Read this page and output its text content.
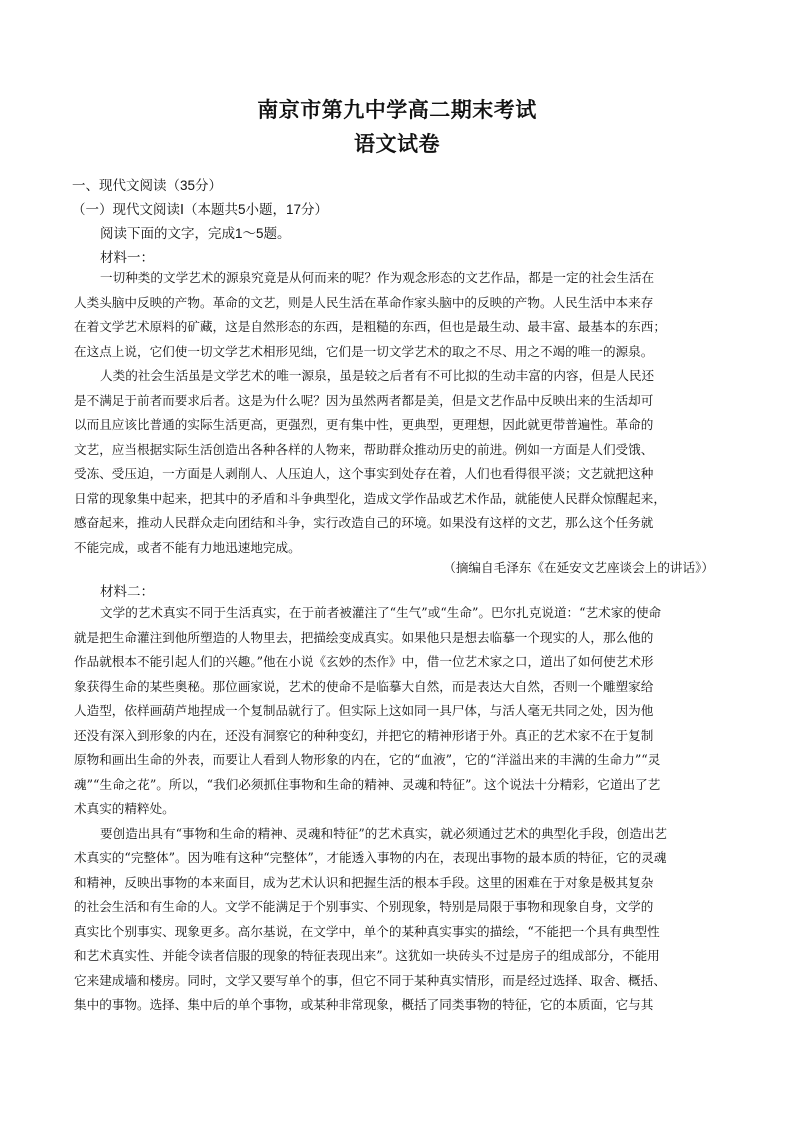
南京市第九中学高二期末考试
语文试卷
一、现代文阅读（35分）
（一）现代文阅读Ⅰ（本题共5小题，17分）
阅读下面的文字，完成1～5题。
材料一：
一切种类的文学艺术的源泉究竟是从何而来的呢？作为观念形态的文艺作品，都是一定的社会生活在
人类头脑中反映的产物。革命的文艺，则是人民生活在革命作家头脑中的反映的产物。人民生活中本来存
在着文学艺术原料的矿藏，这是自然形态的东西，是粗糙的东西，但也是最生动、最丰富、最基本的东西；
在这点上说，它们使一切文学艺术相形见绌，它们是一切文学艺术的取之不尽、用之不竭的唯一的源泉。
人类的社会生活虽是文学艺术的唯一源泉，虽是较之后者有不可比拟的生动丰富的内容，但是人民还
是不满足于前者而要求后者。这是为什么呢？因为虽然两者都是美，但是文艺作品中反映出来的生活却可
以而且应该比普通的实际生活更高，更强烈，更有集中性，更典型，更理想，因此就更带普遍性。革命的
文艺，应当根据实际生活创造出各种各样的人物来，帮助群众推动历史的前进。例如一方面是人们受饿、
受冻、受压迫，一方面是人剥削人、人压迫人，这个事实到处存在着，人们也看得很平淡；文艺就把这种
日常的现象集中起来，把其中的矛盾和斗争典型化，造成文学作品或艺术作品，就能使人民群众惊醒起来，
感奋起来，推动人民群众走向团结和斗争，实行改造自己的环境。如果没有这样的文艺，那么这个任务就
不能完成，或者不能有力地迅速地完成。
（摘编自毛泽东《在延安文艺座谈会上的讲话》）
材料二：
文学的艺术真实不同于生活真实，在于前者被灌注了“生气”或“生命”。巴尔扎克说道：“艺术家的使命
就是把生命灌注到他所塑造的人物里去，把描绘变成真实。如果他只是想去临摹一个现实的人，那么他的
作品就根本不能引起人们的兴趣。”他在小说《玄妙的杰作》中，借一位艺术家之口，道出了如何使艺术形
象获得生命的某些奥秘。那位画家说，艺术的使命不是临摹大自然，而是表达大自然，否则一个雕塑家给
人造型，依样画葫芦地捏成一个复制品就行了。但实际上这如同一具尸体，与活人毫无共同之处，因为他
还没有深入到形象的内在，还没有洞察它的种种变幻，并把它的精神形诸于外。真正的艺术家不在于复制
原物和画出生命的外表，而要让人看到人物形象的内在，它的“血液”，它的“洋溢出来的丰满的生命力”“灵
魂”“生命之花”。所以，“我们必须抓住事物和生命的精神、灵魂和特征”。这个说法十分精彩，它道出了艺
术真实的精粹处。
要创造出具有“事物和生命的精神、灵魂和特征”的艺术真实，就必须通过艺术的典型化手段，创造出艺
术真实的“完整体”。因为唯有这种“完整体”，才能透入事物的内在，表现出事物的最本质的特征，它的灵魂
和精神，反映出事物的本来面目，成为艺术认识和把握生活的根本手段。这里的困难在于对象是极其复杂
的社会生活和有生命的人。文学不能满足于个别事实、个别现象，特别是局限于事物和现象自身，文学的
真实比个别事实、现象更多。高尔基说，在文学中，单个的某种真实事实的描绘，“不能把一个具有典型性
和艺术真实性、并能令读者信服的现象的特征表现出来”。这犹如一块砖头不过是房子的组成部分，不能用
它来建成墙和楼房。同时，文学又要写单个的事，但它不同于某种真实情形，而是经过选择、取舍、概括、
集中的事物。选择、集中后的单个事物，或某种非常现象，概括了同类事物的特征，它的本质面，它与其
